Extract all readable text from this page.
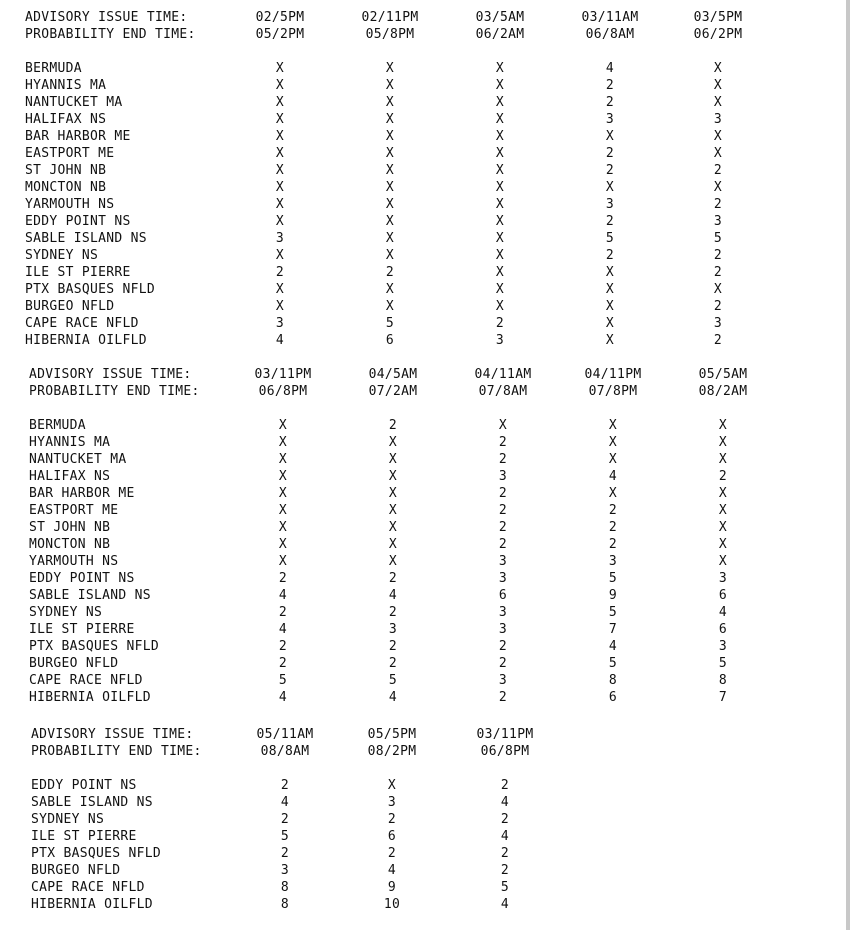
ADVISORY ISSUE TIME:	02/5PM	02/11PM	03/5AM	03/11AM	03/5PM
PROBABILITY END TIME:	05/2PM	05/8PM	06/2AM	06/8AM	06/2PM
BERMUDA	X	X	X	4	X
HYANNIS MA	X	X	X	2	X
NANTUCKET MA	X	X	X	2	X
HALIFAX NS	X	X	X	3	3
BAR HARBOR ME	X	X	X	X	X
EASTPORT ME	X	X	X	2	X
ST JOHN NB	X	X	X	2	2
MONCTON NB	X	X	X	X	X
YARMOUTH NS	X	X	X	3	2
EDDY POINT NS	X	X	X	2	3
SABLE ISLAND NS	3	X	X	5	5
SYDNEY NS	X	X	X	2	2
ILE ST PIERRE	2	2	X	X	2
PTX BASQUES NFLD	X	X	X	X	X
BURGEO NFLD	X	X	X	X	2
CAPE RACE NFLD	3	5	2	X	3
HIBERNIA OILFLD	4	6	3	X	2
ADVISORY ISSUE TIME:	03/11PM	04/5AM	04/11AM	04/11PM	05/5AM
PROBABILITY END TIME:	06/8PM	07/2AM	07/8AM	07/8PM	08/2AM
BERMUDA	X	2	X	X	X
HYANNIS MA	X	X	2	X	X
NANTUCKET MA	X	X	2	X	X
HALIFAX NS	X	X	3	4	2
BAR HARBOR ME	X	X	2	X	X
EASTPORT ME	X	X	2	2	X
ST JOHN NB	X	X	2	2	X
MONCTON NB	X	X	2	2	X
YARMOUTH NS	X	X	3	3	X
EDDY POINT NS	2	2	3	5	3
SABLE ISLAND NS	4	4	6	9	6
SYDNEY NS	2	2	3	5	4
ILE ST PIERRE	4	3	3	7	6
PTX BASQUES NFLD	2	2	2	4	3
BURGEO NFLD	2	2	2	5	5
CAPE RACE NFLD	5	5	3	8	8
HIBERNIA OILFLD	4	4	2	6	7
ADVISORY ISSUE TIME:	05/11AM	05/5PM	03/11PM
PROBABILITY END TIME:	08/8AM	08/2PM	06/8PM
EDDY POINT NS	2	X	2
SABLE ISLAND NS	4	3	4
SYDNEY NS	2	2	2
ILE ST PIERRE	5	6	4
PTX BASQUES NFLD	2	2	2
BURGEO NFLD	3	4	2
CAPE RACE NFLD	8	9	5
HIBERNIA OILFLD	8	10	4
